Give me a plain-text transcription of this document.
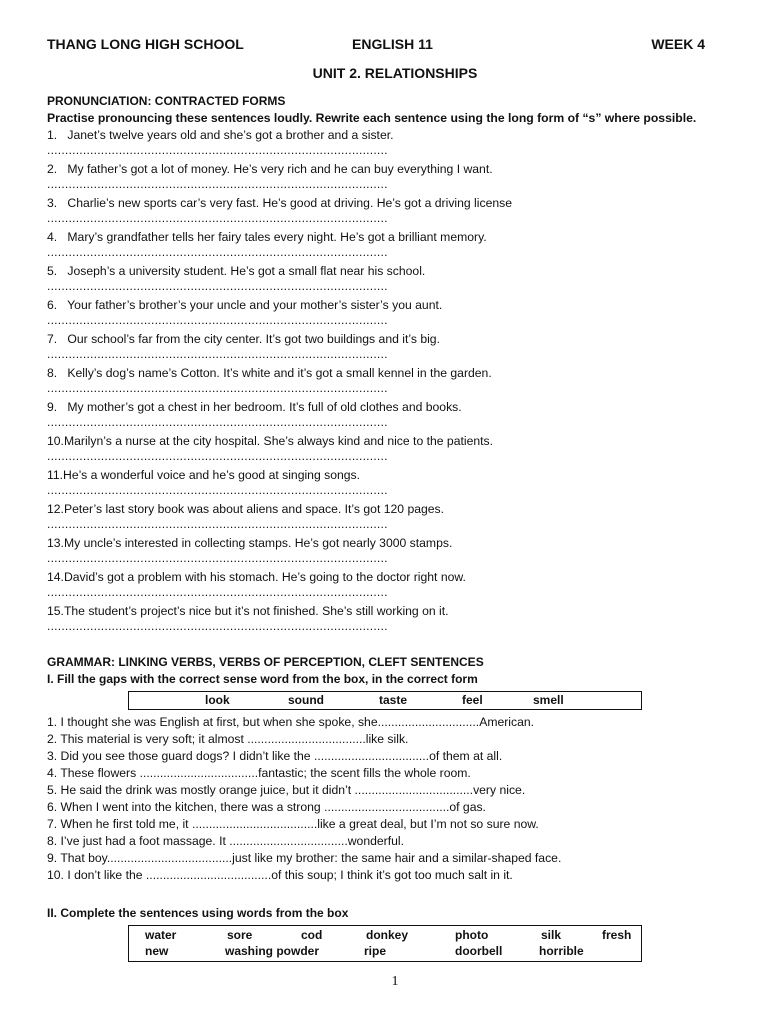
THANG LONG HIGH SCHOOL	ENGLISH 11	WEEK 4
UNIT 2. RELATIONSHIPS
PRONUNCIATION: CONTRACTED FORMS
Practise pronouncing these sentences loudly. Rewrite each sentence using the long form of “s” where possible.
1. Janet’s twelve years old and she’s got a brother and a sister.
...............................................................................................
2. My father’s got a lot of money. He’s very rich and he can buy everything I want.
...............................................................................................
3. Charlie’s new sports car’s very fast. He’s good at driving. He’s got a driving license
...............................................................................................
4. Mary’s grandfather tells her fairy tales every night. He’s got a brilliant memory.
...............................................................................................
5. Joseph’s a university student. He’s got a small flat near his school.
...............................................................................................
6. Your father’s brother’s your uncle and your mother’s sister’s you aunt.
...............................................................................................
7. Our school’s far from the city center. It’s got two buildings and it’s big.
...............................................................................................
8. Kelly’s dog’s name’s Cotton. It’s white and it’s got a small kennel in the garden.
...............................................................................................
9. My mother’s got a chest in her bedroom. It’s full of old clothes and books.
...............................................................................................
10.Marilyn’s a nurse at the city hospital. She’s always kind and nice to the patients.
...............................................................................................
11.He’s a wonderful voice and he’s good at singing songs.
...............................................................................................
12.Peter’s last story book was about aliens and space. It’s got 120 pages.
...............................................................................................
13.My uncle’s interested in collecting stamps. He’s got nearly 3000 stamps.
...............................................................................................
14.David’s got a problem with his stomach. He’s going to the doctor right now.
...............................................................................................
15.The student’s project’s nice but it’s not finished. She’s still working on it.
...............................................................................................
GRAMMAR: LINKING VERBS, VERBS OF PERCEPTION, CLEFT SENTENCES
I. Fill the gaps with the correct sense word from the box, in the correct form
look	sound	taste	feel	smell
1. I thought she was English at first, but when she spoke, she..............................American.
2. This material is very soft; it almost ...................................like silk.
3. Did you see those guard dogs? I didn’t like the ..................................of them at all.
4. These flowers ...................................fantastic; the scent fills the whole room.
5. He said the drink was mostly orange juice, but it didn’t ...................................very nice.
6. When I went into the kitchen, there was a strong .....................................of gas.
7. When he first told me, it .....................................like a great deal, but I’m not so sure now.
8. I’ve just had a foot massage. It ...................................wonderful.
9. That boy.....................................just like my brother: the same hair and a similar-shaped face.
10. I don’t like the .....................................of this soup; I think it’s got too much salt in it.
II. Complete the sentences using words from the box
water	sore	cod	donkey	photo	silk	fresh
new	washing powder	ripe	doorbell	horrible
1
